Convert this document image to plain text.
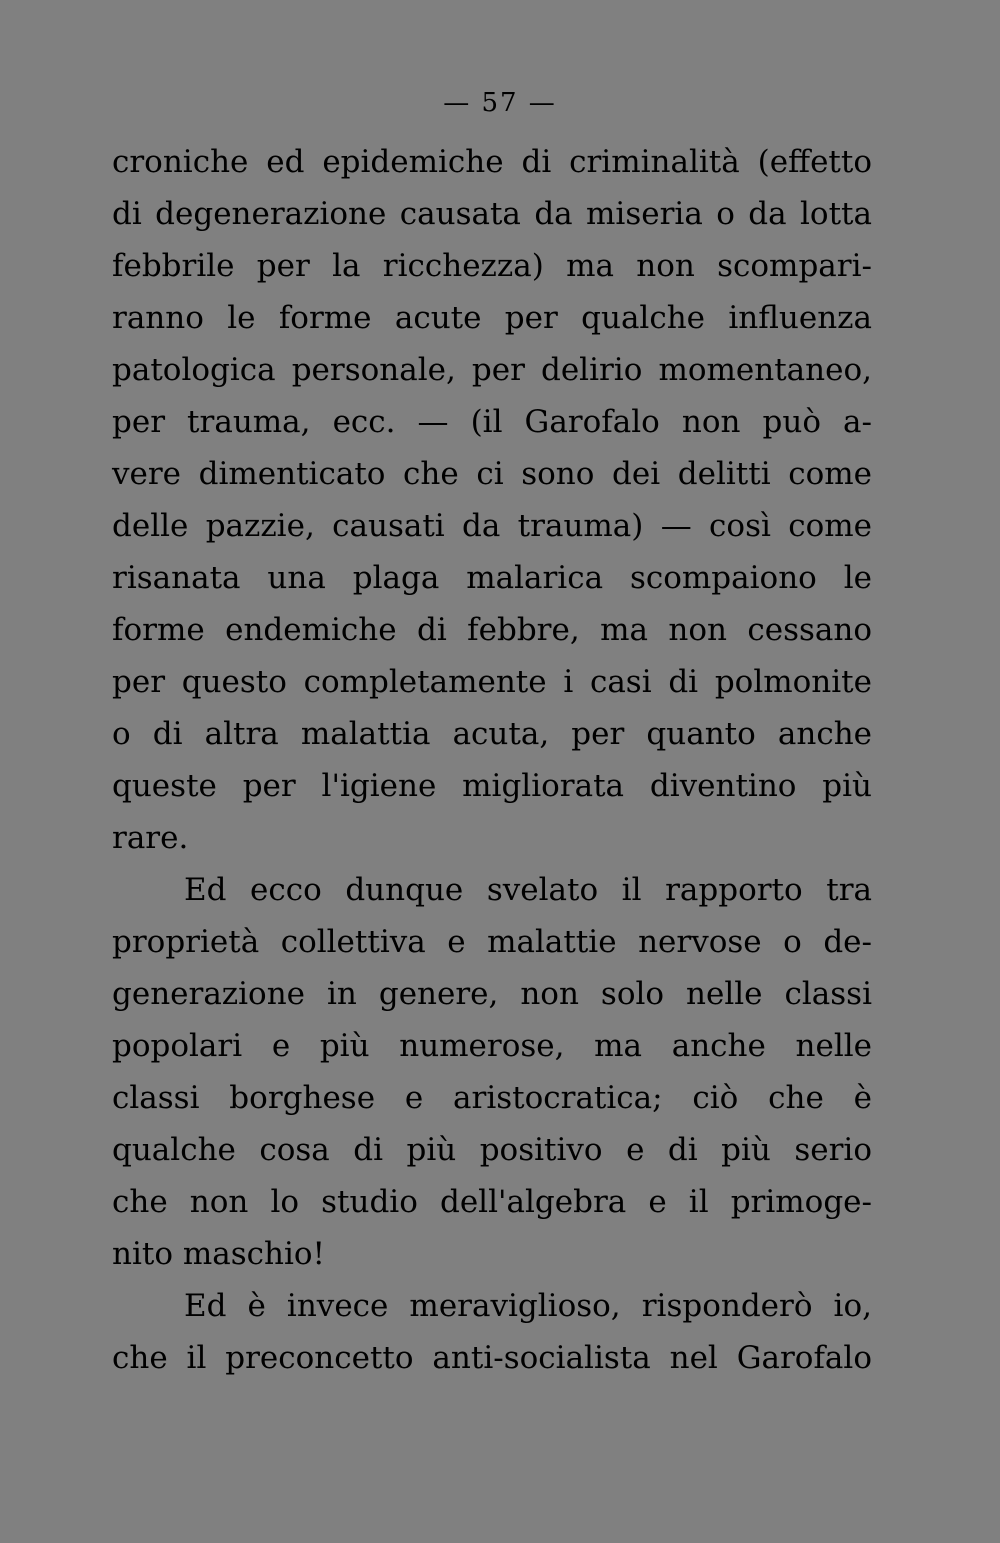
— 57 —
croniche ed epidemiche di criminalità (effetto
di degenerazione causata da miseria o da lotta
febbrile per la ricchezza) ma non scompari-
ranno le forme acute per qualche influenza
patologica personale, per delirio momentaneo,
per trauma, ecc. — (il Garofalo non può a-
vere dimenticato che ci sono dei delitti come
delle pazzie, causati da trauma) — così come
risanata una plaga malarica scompaiono le
forme endemiche di febbre, ma non cessano
per questo completamente i casi di polmonite
o di altra malattia acuta, per quanto anche
queste per l'igiene migliorata diventino più
rare.
Ed ecco dunque svelato il rapporto tra
proprietà collettiva e malattie nervose o de-
generazione in genere, non solo nelle classi
popolari e più numerose, ma anche nelle
classi borghese e aristocratica; ciò che è
qualche cosa di più positivo e di più serio
che non lo studio dell'algebra e il primoge-
nito maschio!
Ed è invece meraviglioso, risponderò io,
che il preconcetto anti-socialista nel Garofalo
